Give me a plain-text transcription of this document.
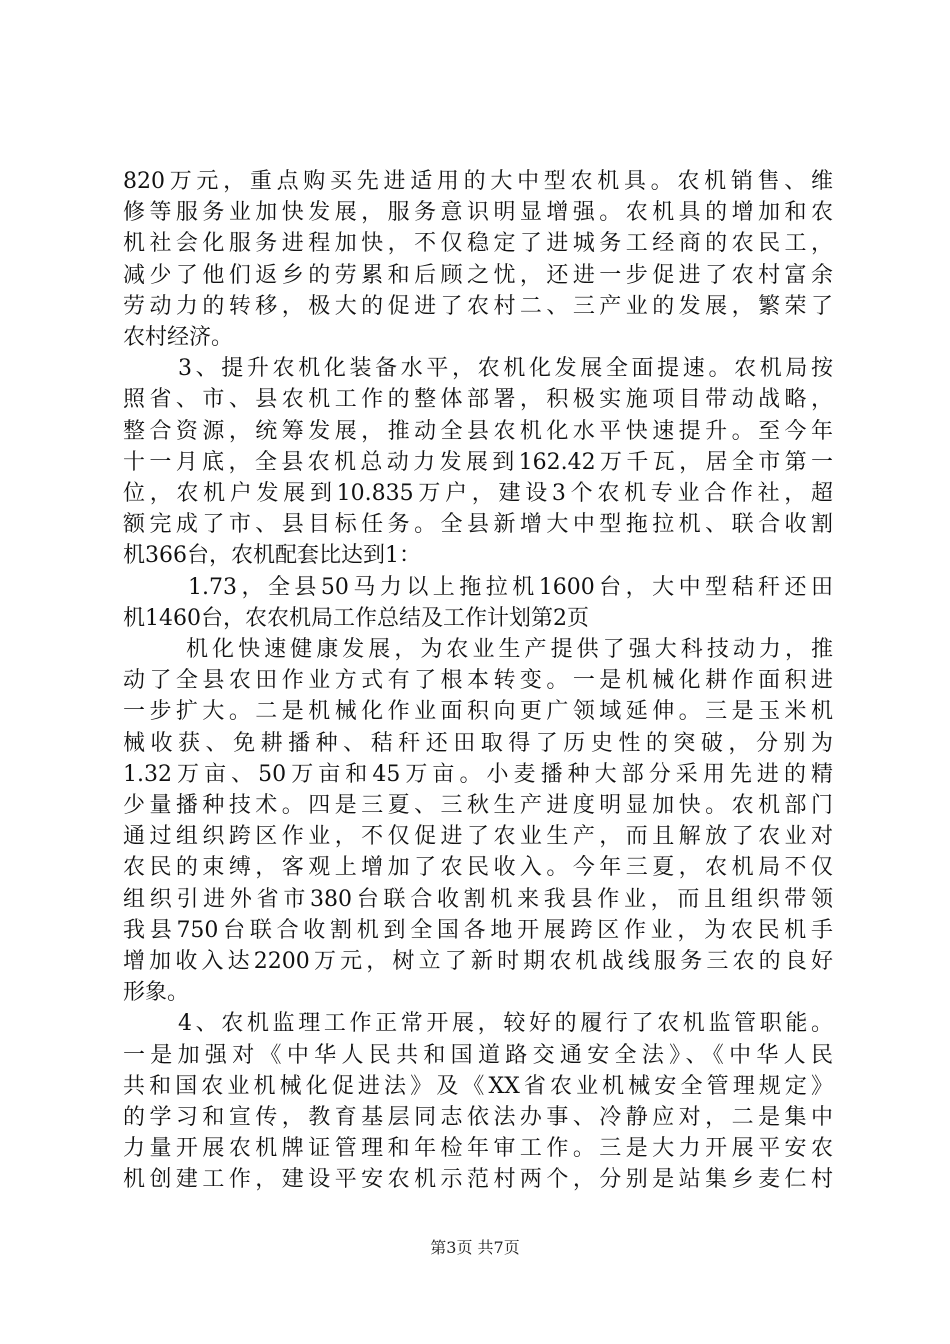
820万元，重点购买先进适用的大中型农机具。农机销售、维
修等服务业加快发展，服务意识明显增强。农机具的增加和农
机社会化服务进程加快，不仅稳定了进城务工经商的农民工，
减少了他们返乡的劳累和后顾之忧，还进一步促进了农村富余
劳动力的转移，极大的促进了农村二、三产业的发展，繁荣了
农村经济。
3、提升农机化装备水平，农机化发展全面提速。农机局按
照省、市、县农机工作的整体部署，积极实施项目带动战略，
整合资源，统筹发展，推动全县农机化水平快速提升。至今年
十一月底，全县农机总动力发展到162.42万千瓦，居全市第一
位，农机户发展到10.835万户，建设3个农机专业合作社，超
额完成了市、县目标任务。全县新增大中型拖拉机、联合收割
机366台，农机配套比达到1：
1.73，全县50马力以上拖拉机1600台，大中型秸秆还田
机1460台，农农机局工作总结及工作计划第2页
机化快速健康发展，为农业生产提供了强大科技动力，推
动了全县农田作业方式有了根本转变。一是机械化耕作面积进
一步扩大。二是机械化作业面积向更广领域延伸。三是玉米机
械收获、免耕播种、秸秆还田取得了历史性的突破，分别为
1.32万亩、50万亩和45万亩。小麦播种大部分采用先进的精
少量播种技术。四是三夏、三秋生产进度明显加快。农机部门
通过组织跨区作业，不仅促进了农业生产，而且解放了农业对
农民的束缚，客观上增加了农民收入。今年三夏，农机局不仅
组织引进外省市380台联合收割机来我县作业，而且组织带领
我县750台联合收割机到全国各地开展跨区作业，为农民机手
增加收入达2200万元，树立了新时期农机战线服务三农的良好
形象。
4、农机监理工作正常开展，较好的履行了农机监管职能。
一是加强对《中华人民共和国道路交通安全法》、《中华人民
共和国农业机械化促进法》及《XX省农业机械安全管理规定》
的学习和宣传，教育基层同志依法办事、冷静应对，二是集中
力量开展农机牌证管理和年检年审工作。三是大力开展平安农
机创建工作，建设平安农机示范村两个，分别是站集乡麦仁村
第3页 共7页
